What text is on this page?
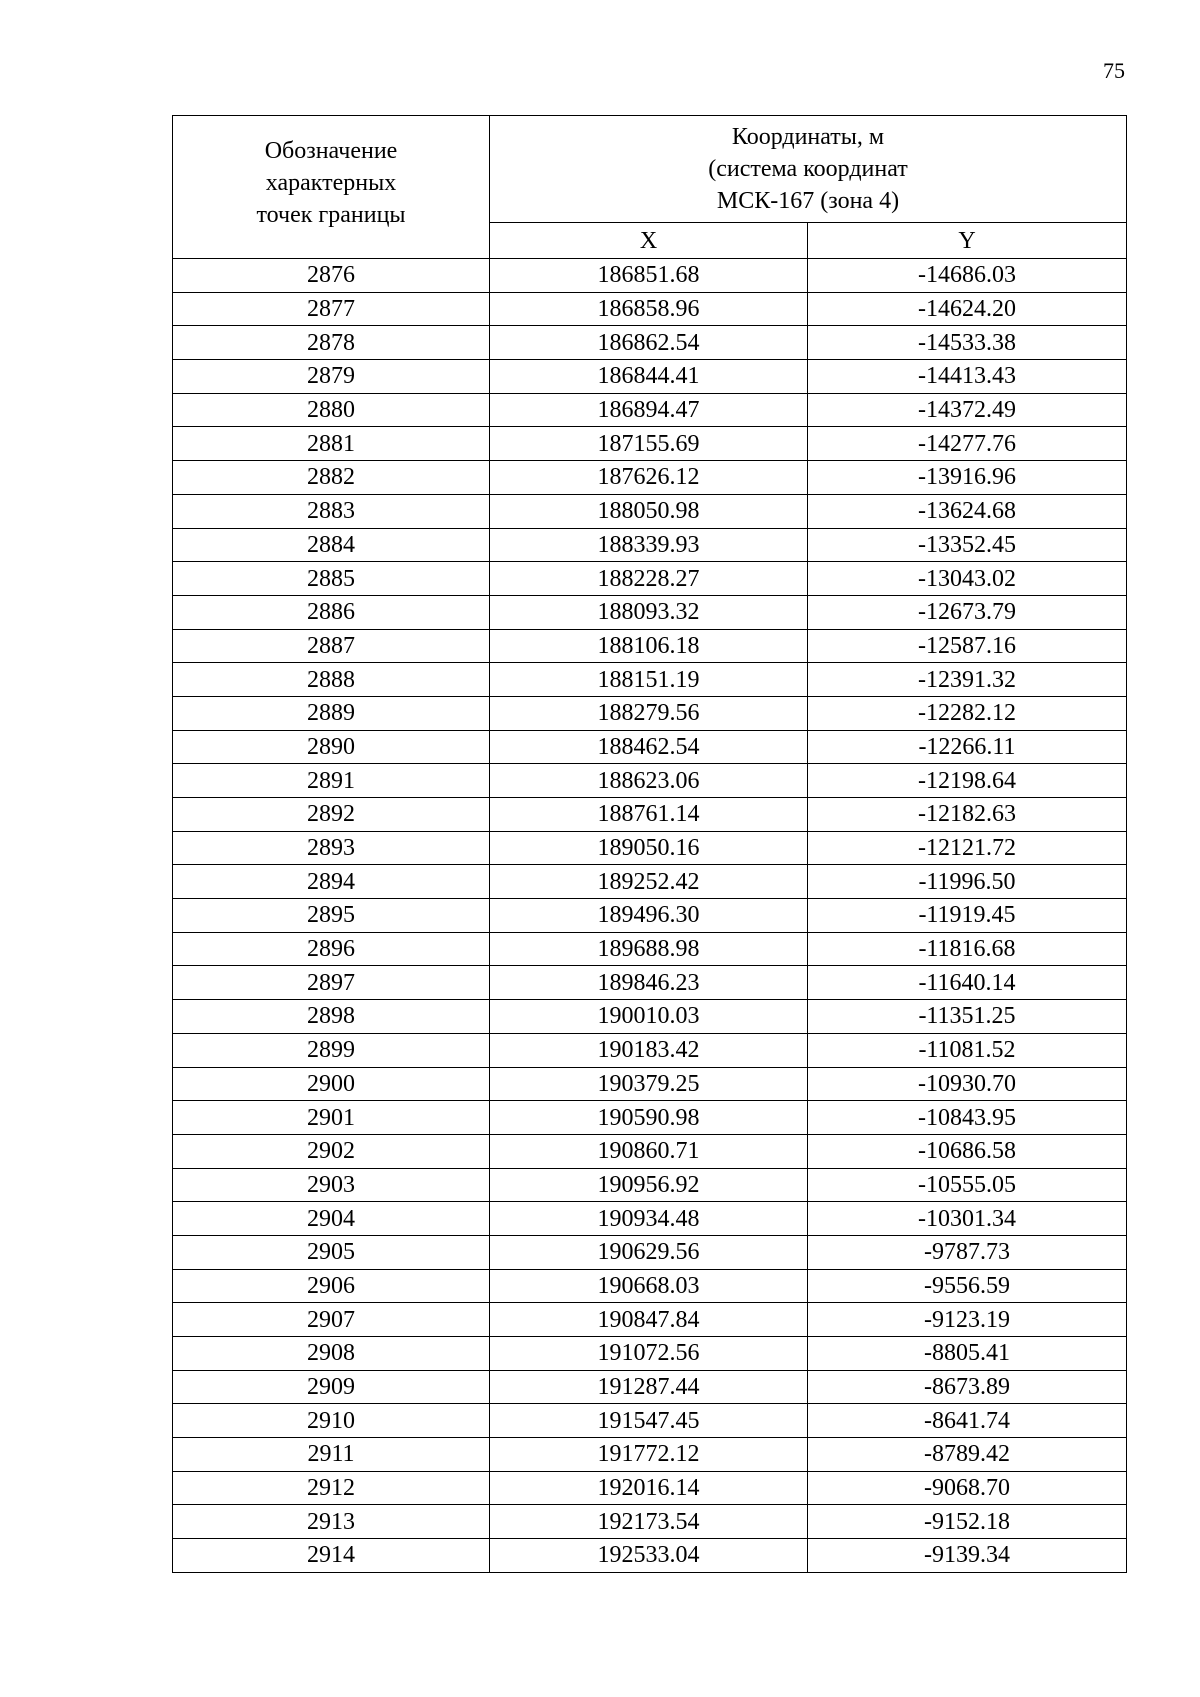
75
Обозначение
характерных
точек границы	Координаты, м
(система координат
МСК-167 (зона 4)	

	X	Y
2876	186851.68	-14686.03
2877	186858.96	-14624.20
2878	186862.54	-14533.38
2879	186844.41	-14413.43
2880	186894.47	-14372.49
2881	187155.69	-14277.76
2882	187626.12	-13916.96
2883	188050.98	-13624.68
2884	188339.93	-13352.45
2885	188228.27	-13043.02
2886	188093.32	-12673.79
2887	188106.18	-12587.16
2888	188151.19	-12391.32
2889	188279.56	-12282.12
2890	188462.54	-12266.11
2891	188623.06	-12198.64
2892	188761.14	-12182.63
2893	189050.16	-12121.72
2894	189252.42	-11996.50
2895	189496.30	-11919.45
2896	189688.98	-11816.68
2897	189846.23	-11640.14
2898	190010.03	-11351.25
2899	190183.42	-11081.52
2900	190379.25	-10930.70
2901	190590.98	-10843.95
2902	190860.71	-10686.58
2903	190956.92	-10555.05
2904	190934.48	-10301.34
2905	190629.56	-9787.73
2906	190668.03	-9556.59
2907	190847.84	-9123.19
2908	191072.56	-8805.41
2909	191287.44	-8673.89
2910	191547.45	-8641.74
2911	191772.12	-8789.42
2912	192016.14	-9068.70
2913	192173.54	-9152.18
2914	192533.04	-9139.34
